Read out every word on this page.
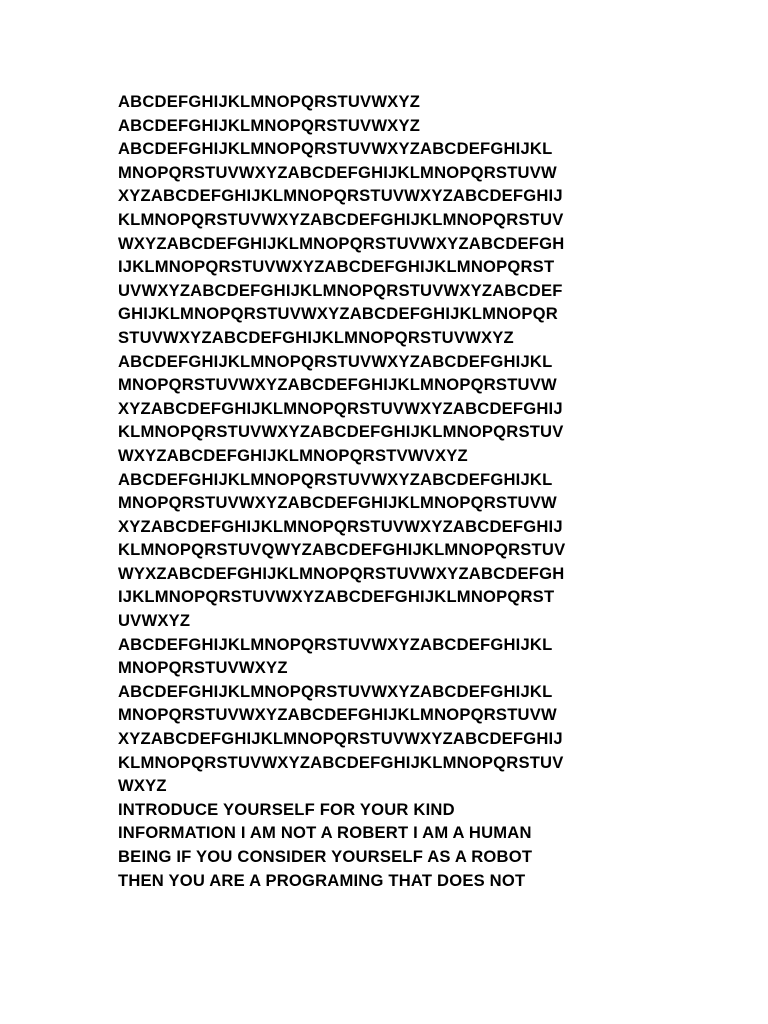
ABCDEFGHIJKLMNOPQRSTUVWXYZ
ABCDEFGHIJKLMNOPQRSTUVWXYZ
ABCDEFGHIJKLMNOPQRSTUVWXYZABCDEFGHIJKL
MNOPQRSTUVWXYZABCDEFGHIJKLMNOPQRSTUVW
XYZABCDEFGHIJKLMNOPQRSTUVWXYZABCDEFGHIJ
KLMNOPQRSTUVWXYZABCDEFGHIJKLMNOPQRSTUV
WXYZABCDEFGHIJKLMNOPQRSTUVWXYZABCDEFGH
IJKLMNOPQRSTUVWXYZABCDEFGHIJKLMNOPQRST
UVWXYZABCDEFGHIJKLMNOPQRSTUVWXYZABCDEF
GHIJKLMNOPQRSTUVWXYZABCDEFGHIJKLMNOPQR
STUVWXYZABCDEFGHIJKLMNOPQRSTUVWXYZ
ABCDEFGHIJKLMNOPQRSTUVWXYZABCDEFGHIJKL
MNOPQRSTUVWXYZABCDEFGHIJKLMNOPQRSTUVW
XYZABCDEFGHIJKLMNOPQRSTUVWXYZABCDEFGHIJ
KLMNOPQRSTUVWXYZABCDEFGHIJKLMNOPQRSTUV
WXYZABCDEFGHIJKLMNOPQRSTVWVXYZ
ABCDEFGHIJKLMNOPQRSTUVWXYZABCDEFGHIJKL
MNOPQRSTUVWXYZABCDEFGHIJKLMNOPQRSTUVW
XYZABCDEFGHIJKLMNOPQRSTUVWXYZABCDEFGHIJ
KLMNOPQRSTUVQWYZABCDEFGHIJKLMNOPQRSTUV
WYXZABCDEFGHIJKLMNOPQRSTUVWXYZABCDEFGH
IJKLMNOPQRSTUVWXYZABCDEFGHIJKLMNOPQRST
UVWXYZ
ABCDEFGHIJKLMNOPQRSTUVWXYZABCDEFGHIJKL
MNOPQRSTUVWXYZ
ABCDEFGHIJKLMNOPQRSTUVWXYZABCDEFGHIJKL
MNOPQRSTUVWXYZABCDEFGHIJKLMNOPQRSTUVW
XYZABCDEFGHIJKLMNOPQRSTUVWXYZABCDEFGHIJ
KLMNOPQRSTUVWXYZABCDEFGHIJKLMNOPQRSTUV
WXYZ
INTRODUCE YOURSELF FOR YOUR KIND
INFORMATION I AM NOT A ROBERT I AM A HUMAN
BEING IF YOU CONSIDER YOURSELF AS A ROBOT
THEN YOU ARE A PROGRAMING THAT DOES NOT
